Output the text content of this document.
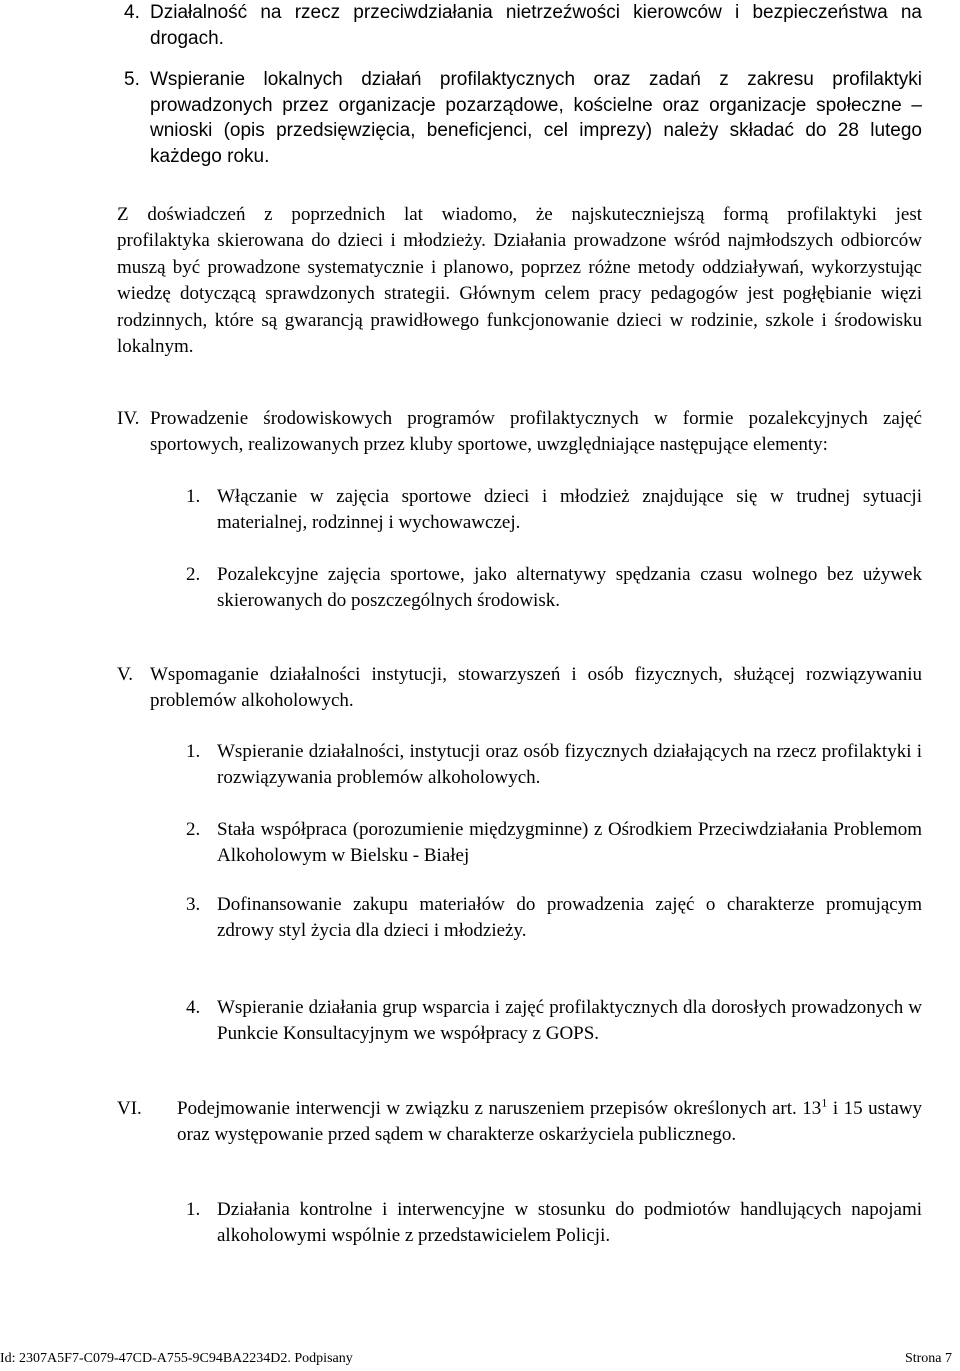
4. Działalność na rzecz przeciwdziałania nietrzeźwości kierowców i bezpieczeństwa na drogach.
5. Wspieranie lokalnych działań profilaktycznych oraz zadań z zakresu profilaktyki prowadzonych przez organizacje pozarządowe, kościelne oraz organizacje społeczne – wnioski (opis przedsięwzięcia, beneficjenci, cel imprezy) należy składać do 28 lutego każdego roku.
Z doświadczeń z poprzednich lat wiadomo, że najskuteczniejszą formą profilaktyki jest
profilaktyka skierowana do dzieci i młodzieży. Działania prowadzone wśród najmłodszych odbiorców muszą być prowadzone systematycznie i planowo, poprzez różne metody oddziaływań, wykorzystując wiedzę dotyczącą sprawdzonych strategii. Głównym celem pracy pedagogów jest pogłębianie więzi rodzinnych, które są gwarancją prawidłowego funkcjonowanie dzieci w rodzinie, szkole i środowisku lokalnym.
IV. Prowadzenie środowiskowych programów profilaktycznych w formie pozalekcyjnych zajęć sportowych, realizowanych przez kluby sportowe, uwzględniające następujące elementy:
1. Włączanie w zajęcia sportowe dzieci i młodzież znajdujące się w trudnej sytuacji materialnej, rodzinnej i wychowawczej.
2. Pozalekcyjne zajęcia sportowe, jako alternatywy spędzania czasu wolnego bez używek skierowanych do poszczególnych środowisk.
V. Wspomaganie działalności instytucji, stowarzyszeń i osób fizycznych, służącej rozwiązywaniu problemów alkoholowych.
1. Wspieranie działalności, instytucji oraz osób fizycznych działających na rzecz profilaktyki i rozwiązywania problemów alkoholowych.
2. Stała współpraca (porozumienie międzygminne) z Ośrodkiem Przeciwdziałania Problemom Alkoholowym w Bielsku - Białej
3. Dofinansowanie zakupu materiałów do prowadzenia zajęć o charakterze promującym zdrowy styl życia dla dzieci i młodzieży.
4. Wspieranie działania grup wsparcia i zajęć profilaktycznych dla dorosłych prowadzonych w Punkcie Konsultacyjnym we współpracy z GOPS.
VI. Podejmowanie interwencji w związku z naruszeniem przepisów określonych art. $13^1$ i 15 ustawy oraz występowanie przed sądem w charakterze oskarżyciela publicznego.
1. Działania kontrolne i interwencyjne w stosunku do podmiotów handlujących napojami alkoholowymi wspólnie z przedstawicielem Policji.
Id: 2307A5F7-C079-47CD-A755-9C94BA2234D2. Podpisany	Strona 7
